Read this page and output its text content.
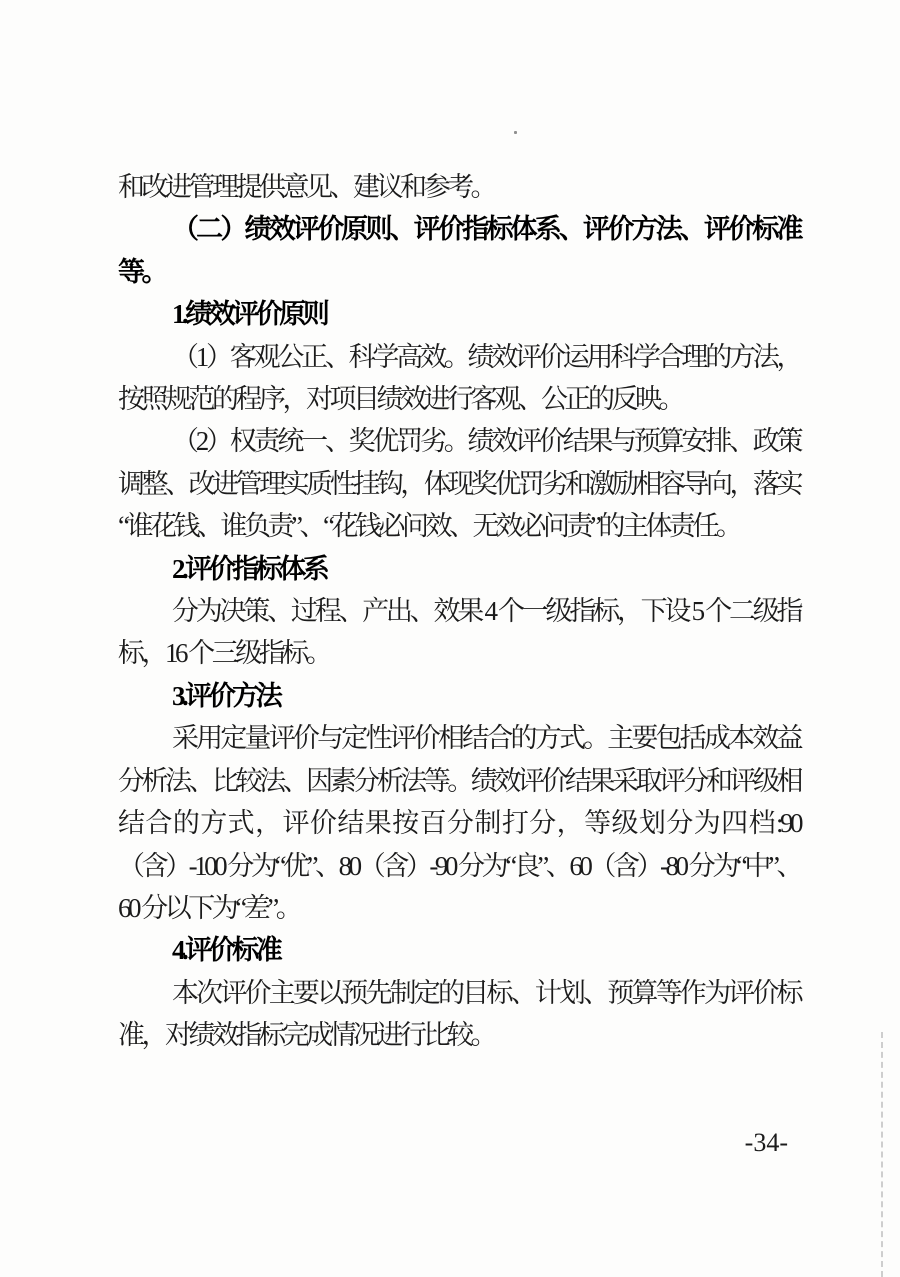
和改进管理提供意见、建议和参考。

（二）绩效评价原则、评价指标体系、评价方法、评价标准等。

1.绩效评价原则

（1）客观公正、科学高效。绩效评价运用科学合理的方法，按照规范的程序，对项目绩效进行客观、公正的反映。

（2）权责统一、奖优罚劣。绩效评价结果与预算安排、政策调整、改进管理实质性挂钩，体现奖优罚劣和激励相容导向，落实“谁花钱、谁负责”、“花钱必问效、无效必问责”的主体责任。

2.评价指标体系

分为决策、过程、产出、效果 4 个一级指标，下设 5 个二级指标，16 个三级指标。

3.评价方法

采用定量评价与定性评价相结合的方式。主要包括成本效益分析法、比较法、因素分析法等。绩效评价结果采取评分和评级相结合的方式，评价结果按百分制打分，等级划分为四档:90（含）-100 分为“优”、80（含）-90 分为“良”、60（含）-80 分为“中”、60 分以下为“差”。

4.评价标准

本次评价主要以预先制定的目标、计划、预算等作为评价标准，对绩效指标完成情况进行比较。

-34-
